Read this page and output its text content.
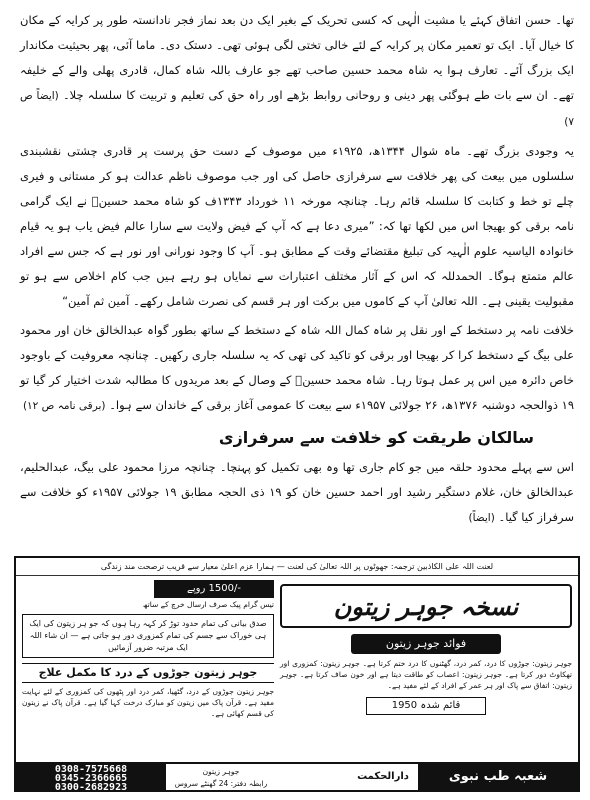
تھا۔ حسن اتفاق کہئے یا مشیت الٰہی کہ کسی تحریک کے بغیر ایک دن بعد نماز فجر نادانستہ طور پر کرایہ کے مکان کا خیال آیا۔ ایک تو تعمیر مکان پر کرایہ کے لئے خالی تختی لگی ہوئی تھی۔ دستک دی۔ ماما آئی، پھر بحیثیت مکاندار ایک بزرگ آئے۔ تعارف ہوا یہ شاہ محمد حسین صاحب تھے جو عارف باللہ شاہ کمال، قادری پھلی والے کے خلیفہ تھے۔ ان سے بات طے ہوگئی پھر دینی و روحانی روابط بڑھے اور راہ حق کی تعلیم و تربیت کا سلسلہ چلا۔ (ایضاً ص ۷)

یہ وجودی بزرگ تھے۔ ماہ شوال ۱۳۴۴ھ، ۱۹۲۵ء میں موصوف کے دست حق پرست پر قادری چشتی نقشبندی سلسلوں میں بیعت کی پھر خلافت سے سرفرازی حاصل کی اور جب موصوف ناظم عدالت ہو کر مستانی و فیری چلے تو خط و کتابت کا سلسلہ قائم رہا۔ چنانچہ مورخہ ۱۱ خورداد ۱۳۴۳ف کو شاہ محمد حسینؒ نے ایک گرامی نامہ برقی کو بھیجا اس میں لکھا تھا کہ: ”میری دعا ہے کہ آپ کے فیض ولایت سے سارا عالم فیض یاب ہو یہ قیام خانوادہ الیاسیہ علوم الٰہیہ کی تبلیغ مقتضائے وقت کے مطابق ہو۔ آپ کا وجود نورانی اور نور ہے کہ جس سے افراد عالم متمتع ہوگا۔ الحمدللہ کہ اس کے آثار مختلف اعتبارات سے نمایاں ہو رہے ہیں جب کام اخلاص سے ہو تو مقبولیت یقینی ہے۔ اللہ تعالیٰ آپ کے کاموں میں برکت اور ہر قسم کی نصرت شامل رکھے۔ آمین ثم آمین“

خلافت نامہ پر دستخط کے اور نقل پر شاہ کمال اللہ شاہ کے دستخط کے ساتھ بطور گواہ عبدالخالق خان اور محمود علی بیگ کے دستخط کرا کر بھیجا اور برقی کو تاکید کی تھی کہ یہ سلسلہ جاری رکھیں۔ چنانچہ معروفیت کے باوجود خاص دائرہ میں اس پر عمل ہوتا رہا۔ شاہ محمد حسینؒ کے وصال کے بعد مریدوں کا مطالبہ شدت اختیار کر گیا تو ۱۹ ذوالحجہ دوشنبہ ۱۳۷۶ھ، ۲۶ جولائی ۱۹۵۷ء سے بیعت کا عمومی آغاز برقی کے خاندان سے ہوا۔ (برقی نامہ ص ۱۲)

سالکان طریقت کو خلافت سے سرفرازی

اس سے پہلے محدود حلقہ میں جو کام جاری تھا وہ بھی تکمیل کو پہنچا۔ چنانچہ مرزا محمود علی بیگ، عبدالحلیم، عبدالخالق خان، غلام دستگیر رشید اور احمد حسین خان کو ۱۹ ذی الحجہ مطابق ۱۹ جولائی ۱۹۵۷ء کو خلافت سے سرفراز کیا گیا۔ (ایضاً)

لعنت اللہ علی الکاذبین ترجمہ: جھوٹوں پر اللہ تعالیٰ کی لعنت — ہمارا عزم اعلیٰ معیار سے قریب ترصحت مند زندگی
-/1500 روپے
تیس گرام پیک صرف ارسال خرچ کے ساتھ
صدق بیانی کی تمام حدود توڑ کر کہہ رہا ہوں کہ جو ہر زیتون کی ایک ہی خوراک سے جسم کی تمام کمزوری دور ہو جاتی ہے — ان شاء اللہ ایک مرتبہ ضرور آزمائیں
جوہر زیتون جوڑوں کے درد کا مکمل علاج
جوہر زیتون جوڑوں کے درد، گٹھیا، کمر درد اور پٹھوں کی کمزوری کے لئے نہایت مفید ہے۔ قرآن پاک میں زیتون کو مبارک درخت کہا گیا ہے۔ قرآن پاک نے زیتون کی قسم کھائی ہے۔
نسخہ جوہر زیتون
فوائد جوہر زیتون
جوہر زیتون: جوڑوں کا درد، کمر درد، گھٹنوں کا درد ختم کرتا ہے۔ جوہر زیتون: کمزوری اور تھکاوٹ دور کرتا ہے۔ جوہر زیتون: اعصاب کو طاقت دیتا ہے اور خون صاف کرتا ہے۔ جوہر زیتون: اتفاق سے پاک اور ہر عمر کے افراد کے لئے مفید ہے۔
قائم شدہ 1950
0308-7575668
0345-2366665
0300-2682923
جوہر زیتون
رابطہ دفتر: 24 گھنٹے سروس
دارالحکمت	شعبہ طب نبوی
